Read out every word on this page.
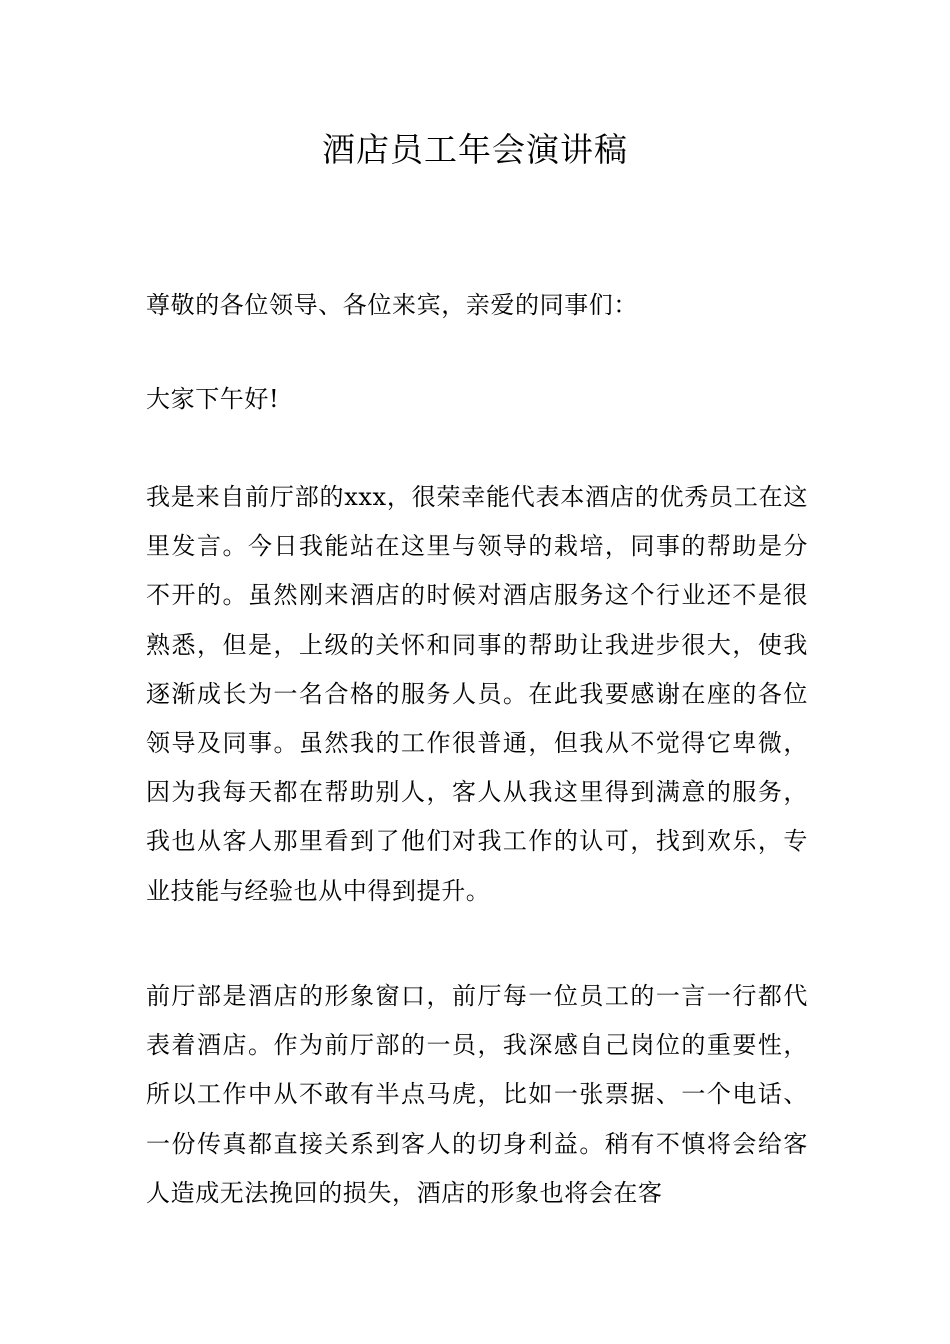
酒店员工年会演讲稿

尊敬的各位领导、各位来宾，亲爱的同事们：

大家下午好!

我是来自前厅部的xxx，很荣幸能代表本酒店的优秀员工在这里发言。今日我能站在这里与领导的栽培，同事的帮助是分不开的。虽然刚来酒店的时候对酒店服务这个行业还不是很熟悉，但是，上级的关怀和同事的帮助让我进步很大，使我逐渐成长为一名合格的服务人员。在此我要感谢在座的各位领导及同事。虽然我的工作很普通，但我从不觉得它卑微，因为我每天都在帮助别人，客人从我这里得到满意的服务，我也从客人那里看到了他们对我工作的认可，找到欢乐，专业技能与经验也从中得到提升。

前厅部是酒店的形象窗口，前厅每一位员工的一言一行都代表着酒店。作为前厅部的一员，我深感自己岗位的重要性，所以工作中从不敢有半点马虎，比如一张票据、一个电话、一份传真都直接关系到客人的切身利益。稍有不慎将会给客人造成无法挽回的损失，酒店的形象也将会在客
